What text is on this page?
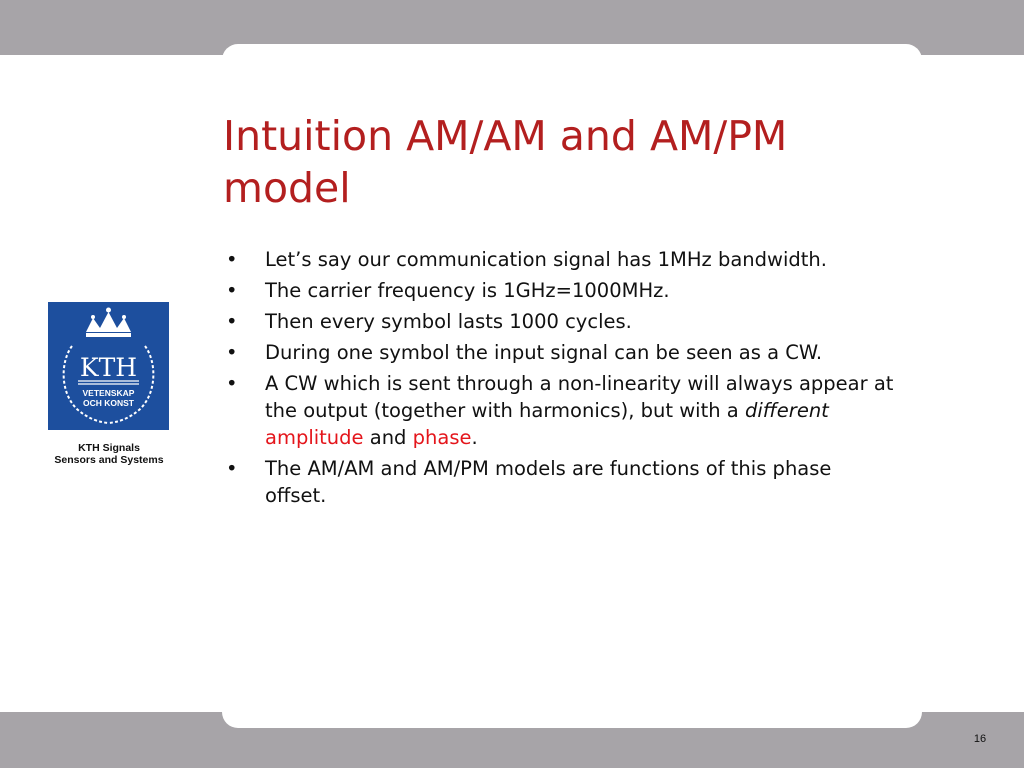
Intuition AM/AM and AM/PM model
•	Let’s say our communication signal has 1MHz bandwidth.
•	The carrier frequency is 1GHz=1000MHz.
•	Then every symbol lasts 1000 cycles.
•	During one symbol the input signal can be seen as a CW.
•	A CW which is sent through a non-linearity will always appear at the output (together with harmonics), but with a different amplitude and phase.
•	The AM/AM and AM/PM models are functions of this phase offset.
KTH
VETENSKAP
OCH KONST
KTH Signals
Sensors and Systems
16
